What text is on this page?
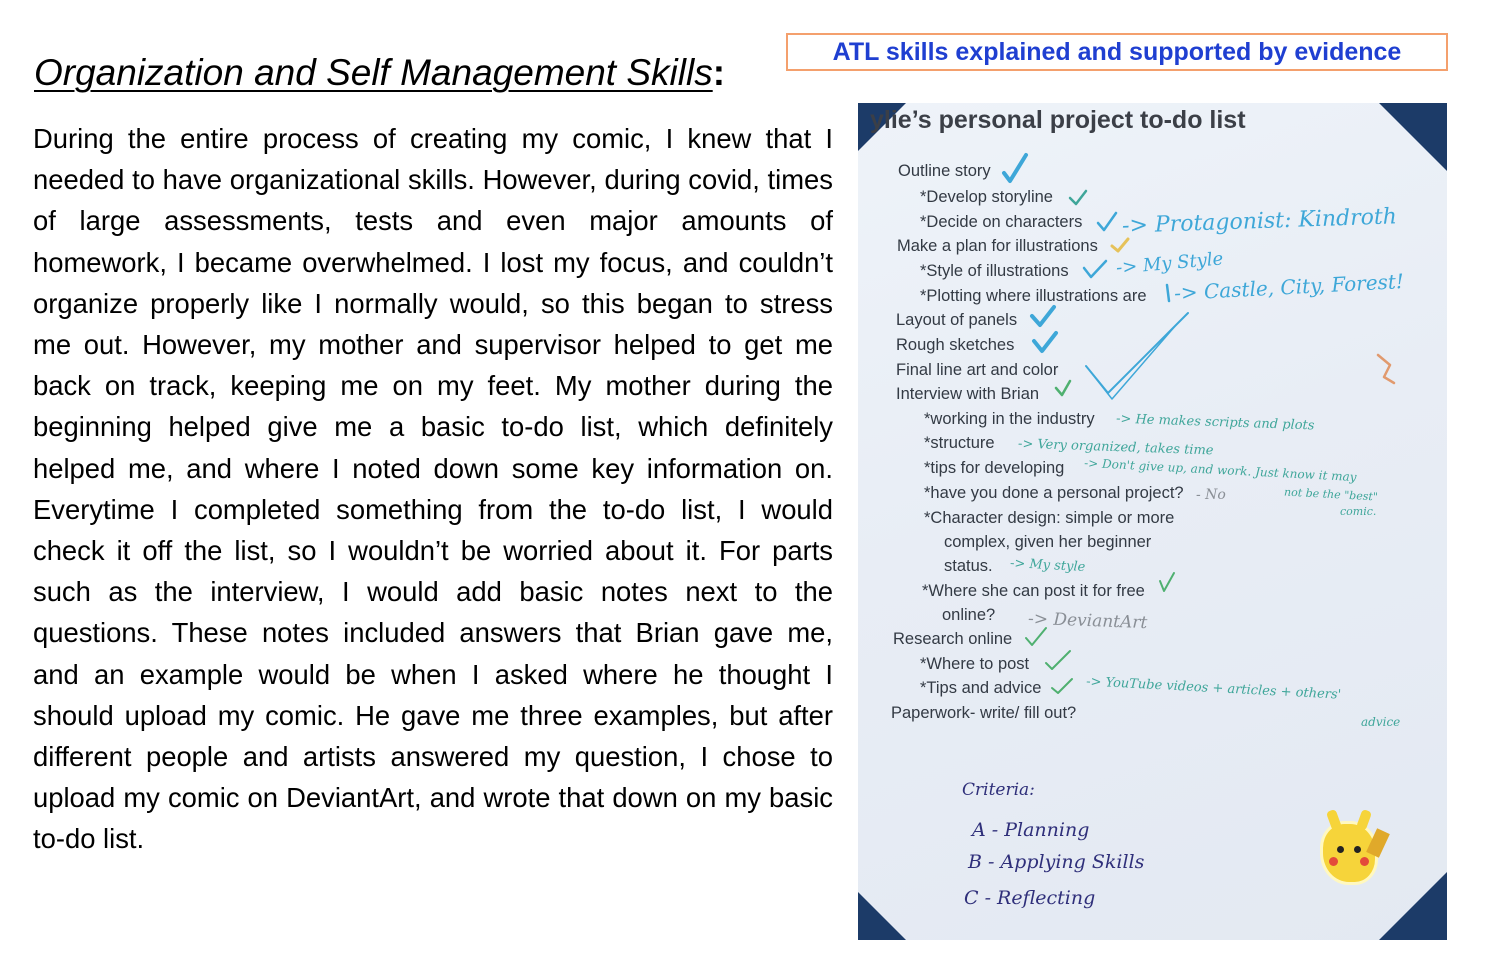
Organization and Self Management Skills:
ATL skills explained and supported by evidence

During the entire process of creating my comic, I knew that I needed to have organizational skills. However, during covid, times of large assessments, tests and even major amounts of homework, I became overwhelmed. I lost my focus, and couldn’t organize properly like I normally would, so this began to stress me out. However, my mother and supervisor helped to get me back on track, keeping me on my feet. My mother during the beginning helped give me a basic to-do list, which definitely helped me, and where I noted down some key information on. Everytime I completed something from the to-do list, I would check it off the list, so I wouldn’t be worried about it. For parts such as the interview, I would add basic notes next to the questions. These notes included answers that Brian gave me, and an example would be when I asked where he thought I should upload my comic. He gave me three examples, but after different people and artists answered my question, I chose to upload my comic on DeviantArt, and wrote that down on my basic to-do list.

ylie’s personal project to-do list
Outline story
*Develop storyline
*Decide on characters
Make a plan for illustrations
*Style of illustrations
*Plotting where illustrations are
Layout of panels
Rough sketches
Final line art and color
Interview with Brian
*working in the industry
*structure
*tips for developing
*have you done a personal project?
*Character design: simple or more
complex, given her beginner
status.
*Where she can post it for free
online?
Research online
*Where to post
*Tips and advice
Paperwork- write/ fill out?
-> Protagonist: Kindroth
-> My Style
-> Castle, City, Forest!
-> He makes scripts and plots
-> Very organized, takes time
-> Don't give up, and work. Just know it may
not be the "best"
comic.
- No
-> My style
-> DeviantArt
-> YouTube videos + articles + others'
advice
Criteria:
A - Planning
B - Applying Skills
C - Reflecting
